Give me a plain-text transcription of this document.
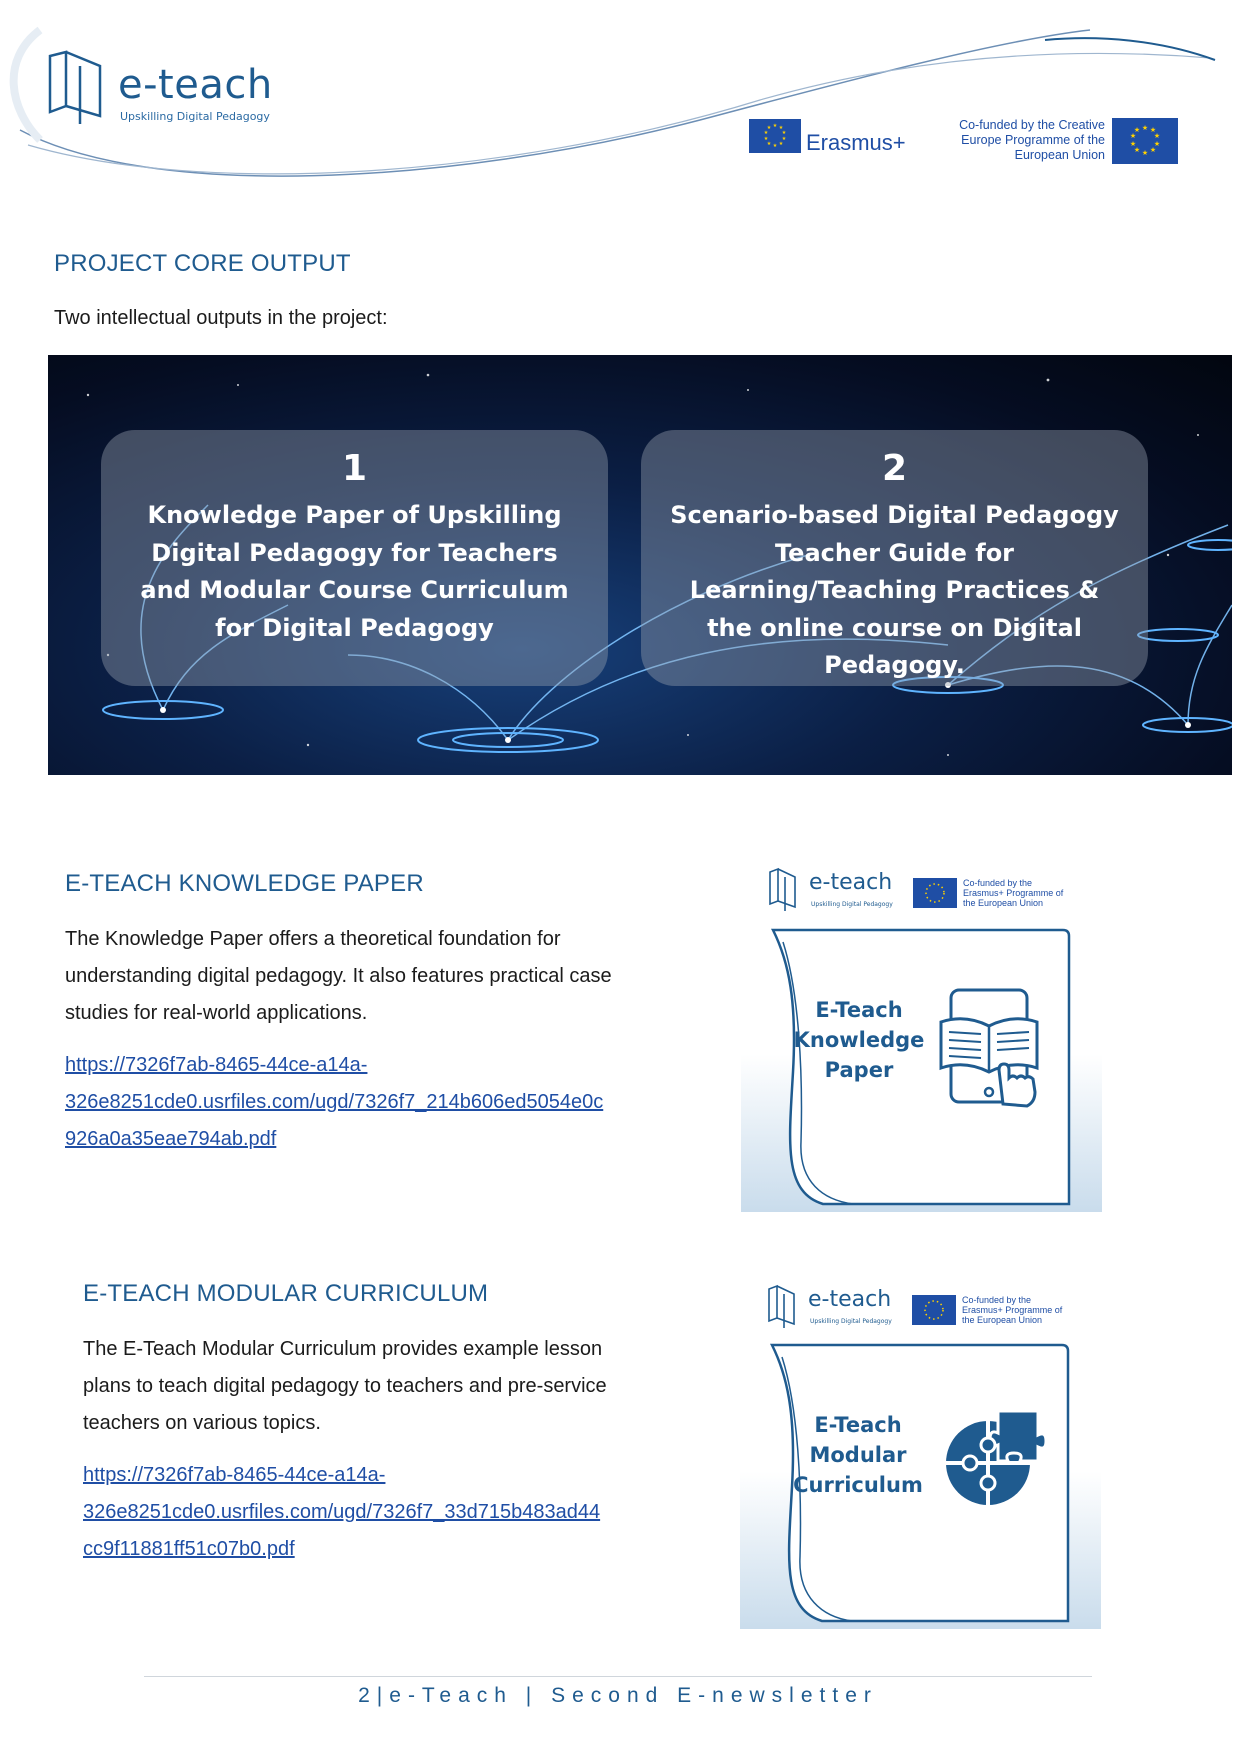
e-teach
Upskilling Digital Pedagogy
★ ★
★
★
★
★
★
★
★
★
Erasmus+
Co-funded by the Creative Europe Programme of the European Union
★ ★
★
★
★
★
★
★
★
★
PROJECT CORE OUTPUT
Two intellectual outputs in the project:
1
Knowledge Paper of Upskilling Digital Pedagogy for Teachers and Modular Course Curriculum for Digital Pedagogy
2
Scenario-based Digital Pedagogy Teacher Guide for Learning/Teaching Practices & the online course on Digital Pedagogy.
E-TEACH KNOWLEDGE PAPER
The Knowledge Paper offers a theoretical foundation for understanding digital pedagogy. It also features practical case studies for real-world applications.
https://7326f7ab-8465-44ce-a14a-
326e8251cde0.usrfiles.com/ugd/7326f7_214b606ed5054e0c
926a0a35eae794ab.pdf
e-teach
Upskilling Digital Pedagogy
Co-funded by the Erasmus+ Programme of the European Union
E-Teach
Knowledge
Paper
E-TEACH MODULAR CURRICULUM
The E-Teach Modular Curriculum provides example lesson plans to teach digital pedagogy to teachers and pre-service teachers on various topics.
https://7326f7ab-8465-44ce-a14a-
326e8251cde0.usrfiles.com/ugd/7326f7_33d715b483ad44
cc9f11881ff51c07b0.pdf
e-teach
Upskilling Digital Pedagogy
Co-funded by the Erasmus+ Programme of the European Union
E-Teach
Modular
Curriculum
2|e-Teach | Second E-newsletter
